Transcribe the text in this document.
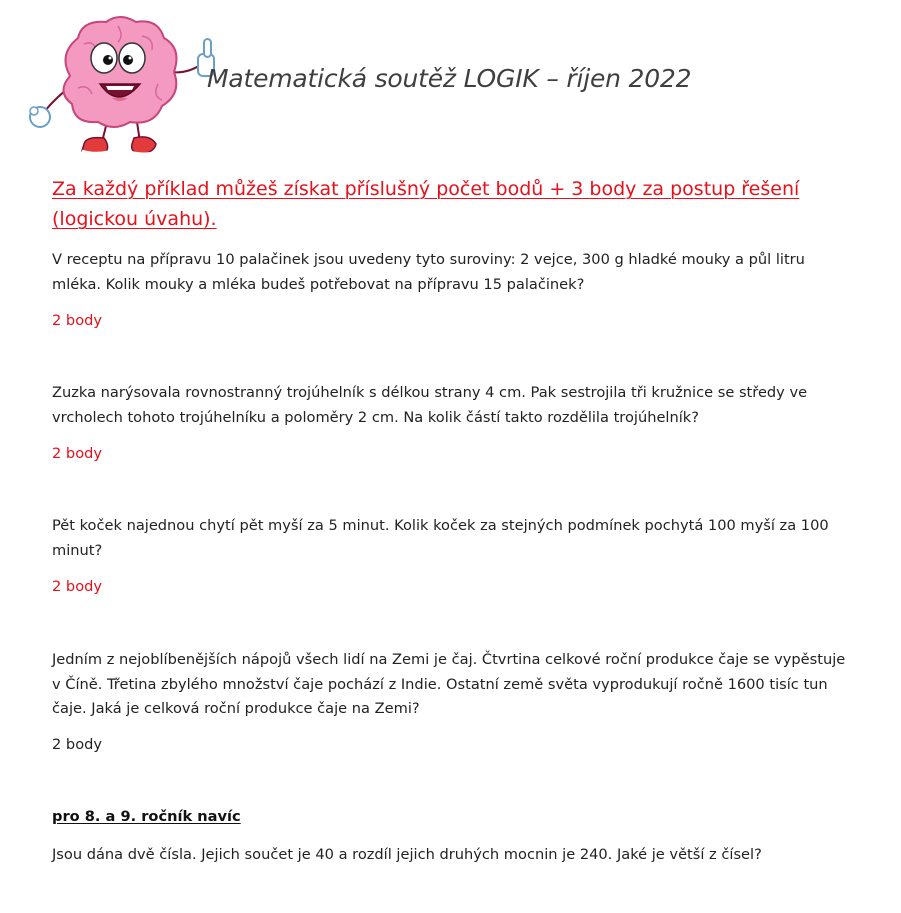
Matematická soutěž LOGIK – říjen 2022
Za každý příklad můžeš získat příslušný počet bodů + 3 body za postup řešení (logickou úvahu).
V receptu na přípravu 10 palačinek jsou uvedeny tyto suroviny: 2 vejce, 300 g hladké mouky a půl litru mléka. Kolik mouky a mléka budeš potřebovat na přípravu 15 palačinek?
2 body
Zuzka narýsovala rovnostranný trojúhelník s délkou strany 4 cm. Pak sestrojila tři kružnice se středy ve vrcholech tohoto trojúhelníku a poloměry 2 cm. Na kolik částí takto rozdělila trojúhelník?
2 body
Pět koček najednou chytí pět myší za 5 minut. Kolik koček za stejných podmínek pochytá 100 myší za 100 minut?
2 body
Jedním z nejoblíbenějších nápojů všech lidí na Zemi je čaj. Čtvrtina celkové roční produkce čaje se vypěstuje v Číně. Třetina zbylého množství čaje pochází z Indie. Ostatní země světa vyprodukují ročně 1600 tisíc tun čaje. Jaká je celková roční produkce čaje na Zemi?
2 body
pro 8. a 9. ročník navíc
Jsou dána dvě čísla. Jejich součet je 40 a rozdíl jejich druhých mocnin je 240. Jaké je větší z čísel?
